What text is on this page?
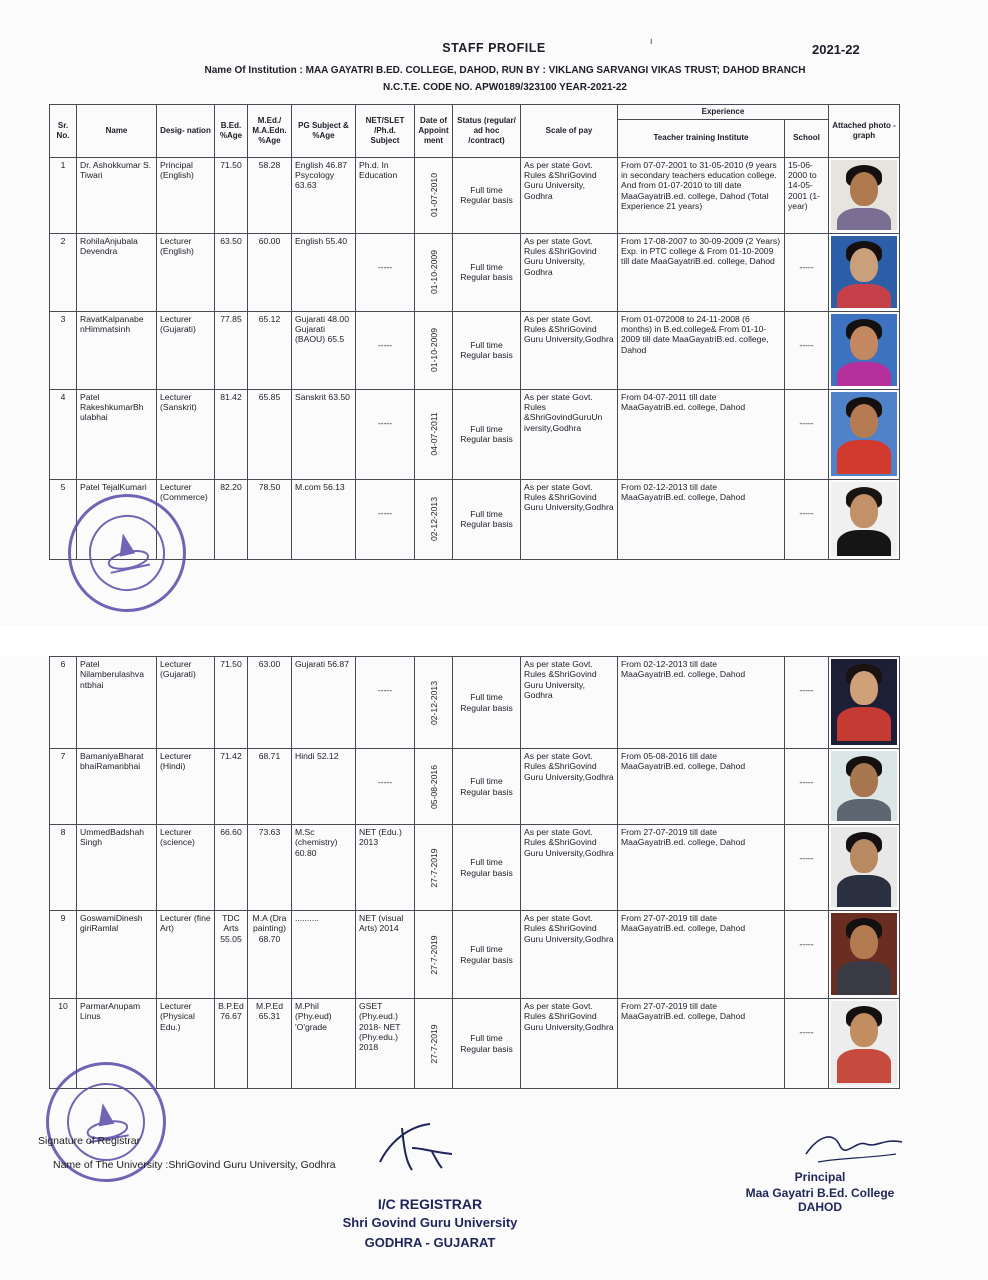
ı
STAFF PROFILE	2021-22
Name Of Institution : MAA GAYATRI B.ED. COLLEGE, DAHOD, RUN BY : VIKLANG SARVANGI VIKAS TRUST; DAHOD BRANCH
N.C.T.E. CODE NO. APW0189/323100 YEAR-2021-22
Sr. No.	Name	Desig- nation	B.Ed. %Age	M.Ed./ M.A.Edn. %Age	PG Subject & %Age	NET/SLET /Ph.d. Subject	Date of Appoint ment	Status (regular/ ad hoc /contract)	Scale of pay	Experience		Attached photo -graph
										Teacher training Institute	School	
1	Dr. Ashokkumar S. Tiwari	Principal (English)	71.50	58.28	English 46.87 Psycology 63.63	Ph.d. In Education	01-07-2010	Full time Regular basis	As per state Govt. Rules &ShriGovind Guru University, Godhra	From 07-07-2001 to 31-05-2010 (9 years in secondary teachers education college. And from 01-07-2010 to till date MaaGayatriB.ed. college, Dahod (Total Experience 21 years)	15-06-2000 to 14-05-2001 (1- year)	

2	RohilaAnjubala Devendra	Lecturer (English)	63.50	60.00	English 55.40	-----	01-10-2009	Full time Regular basis	As per state Govt. Rules &ShriGovind Guru University, Godhra	From 17-08-2007 to 30-09-2009 (2 Years) Exp. in PTC college & From 01-10-2009 till date MaaGayatriB.ed. college, Dahod	-----	

3	RavatKalpanabe nHimmatsinh	Lecturer (Gujarati)	77.85	65.12	Gujarati 48.00 Gujarati (BAOU) 65.5	-----	01-10-2009	Full time Regular basis	As per state Govt. Rules &ShriGovind Guru University,Godhra	From 01-072008 to 24-11-2008 (6 months) in B.ed.college& From 01-10-2009 till date MaaGayatriB.ed. college, Dahod	-----	

4	Patel RakeshkumarBh ulabhai	Lecturer (Sanskrit)	81.42	65.85	Sanskrit 63.50	-----	04-07-2011	Full time Regular basis	As per state Govt. Rules &ShriGovindGuruUn iversity,Godhra	From 04-07-2011 till date MaaGayatriB.ed. college, Dahod	-----	

5	Patel TejalKumari	Lecturer (Commerce)	82.20	78.50	M.com 56.13	-----	02-12-2013	Full time Regular basis	As per state Govt. Rules &ShriGovind Guru University,Godhra	From 02-12-2013 till date MaaGayatriB.ed. college, Dahod	-----	

6	Patel Nilamberulashva ntbhai	Lecturer (Gujarati)	71.50	63.00	Gujarati 56.87	-----	02-12-2013	Full time Regular basis	As per state Govt. Rules &ShriGovind Guru University, Godhra	From 02-12-2013 till date MaaGayatriB.ed. college, Dahod	-----	

7	BamaniyaBharat bhaiRamanbhai	Lecturer (Hindi)	71.42	68.71	Hindi 52.12	-----	05-08-2016	Full time Regular basis	As per state Govt. Rules &ShriGovind Guru University,Godhra	From 05-08-2016 till date MaaGayatriB.ed. college, Dahod	-----	

8	UmmedBadshah Singh	Lecturer (science)	66.60	73.63	M.Sc (chemistry) 60.80	NET (Edu.) 2013	27-7-2019	Full time Regular basis	As per state Govt. Rules &ShriGovind Guru University,Godhra	From 27-07-2019 till date MaaGayatriB.ed. college, Dahod	-----	

9	GoswamiDinesh giriRamlal	Lecturer (fine Art)	TDC Arts 55.05	M.A (Dra painting) 68.70	..........	NET (visual Arts) 2014	27-7-2019	Full time Regular basis	As per state Govt. Rules &ShriGovind Guru University,Godhra	From 27-07-2019 till date MaaGayatriB.ed. college, Dahod	-----	

10	ParmarAnupam Linus	Lecturer (Physical Edu.)	B.P.Ed 76.67	M.P.Ed 65.31	M.Phil (Phy.eud) 'O'grade	GSET (Phy.eud.) 2018- NET (Phy.edu.) 2018	27-7-2019	Full time Regular basis	As per state Govt. Rules &ShriGovind Guru University,Godhra	From 27-07-2019 till date MaaGayatriB.ed. college, Dahod	-----	

Signature of Registrar
Name of The University :ShriGovind Guru University, Godhra
I/C REGISTRAR
Shri Govind Guru University
GODHRA - GUJARAT
Principal
Maa Gayatri B.Ed. College
DAHOD
